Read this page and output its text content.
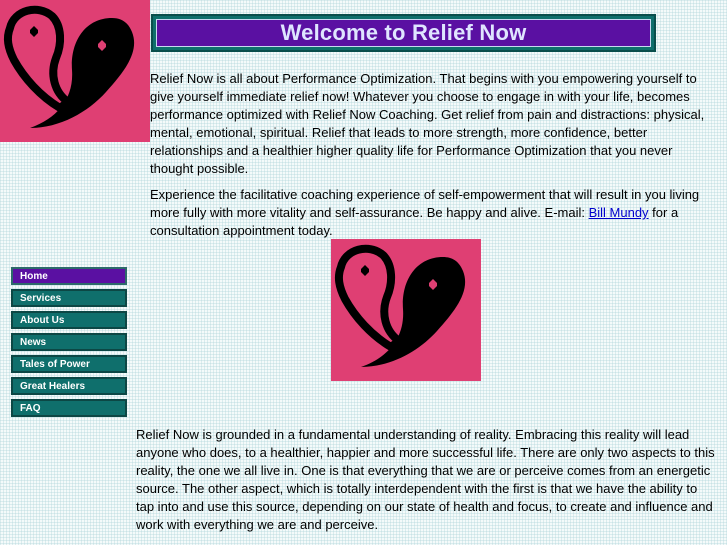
Welcome to Relief Now

Relief Now is all about Performance Optimization. That begins with you empowering yourself to give yourself immediate relief now! Whatever you choose to engage in with your life, becomes performance optimized with Relief Now Coaching. Get relief from pain and distractions: physical, mental, emotional, spiritual. Relief that leads to more strength, more confidence, better relationships and a healthier higher quality life for Performance Optimization that you never thought possible.

Experience the facilitative coaching experience of self-empowerment that will result in you living more fully with more vitality and self-assurance. Be happy and alive. E-mail: Bill Mundy for a consultation appointment today.

Home
Services
About Us
News
Tales of Power
Great Healers
FAQ

Relief Now is grounded in a fundamental understanding of reality. Embracing this reality will lead anyone who does, to a healthier, happier and more successful life. There are only two aspects to this reality, the one we all live in. One is that everything that we are or perceive comes from an energetic source. The other aspect, which is totally interdependent with the first is that we have the ability to tap into and use this source, depending on our state of health and focus, to create and influence and work with everything we are and perceive.
